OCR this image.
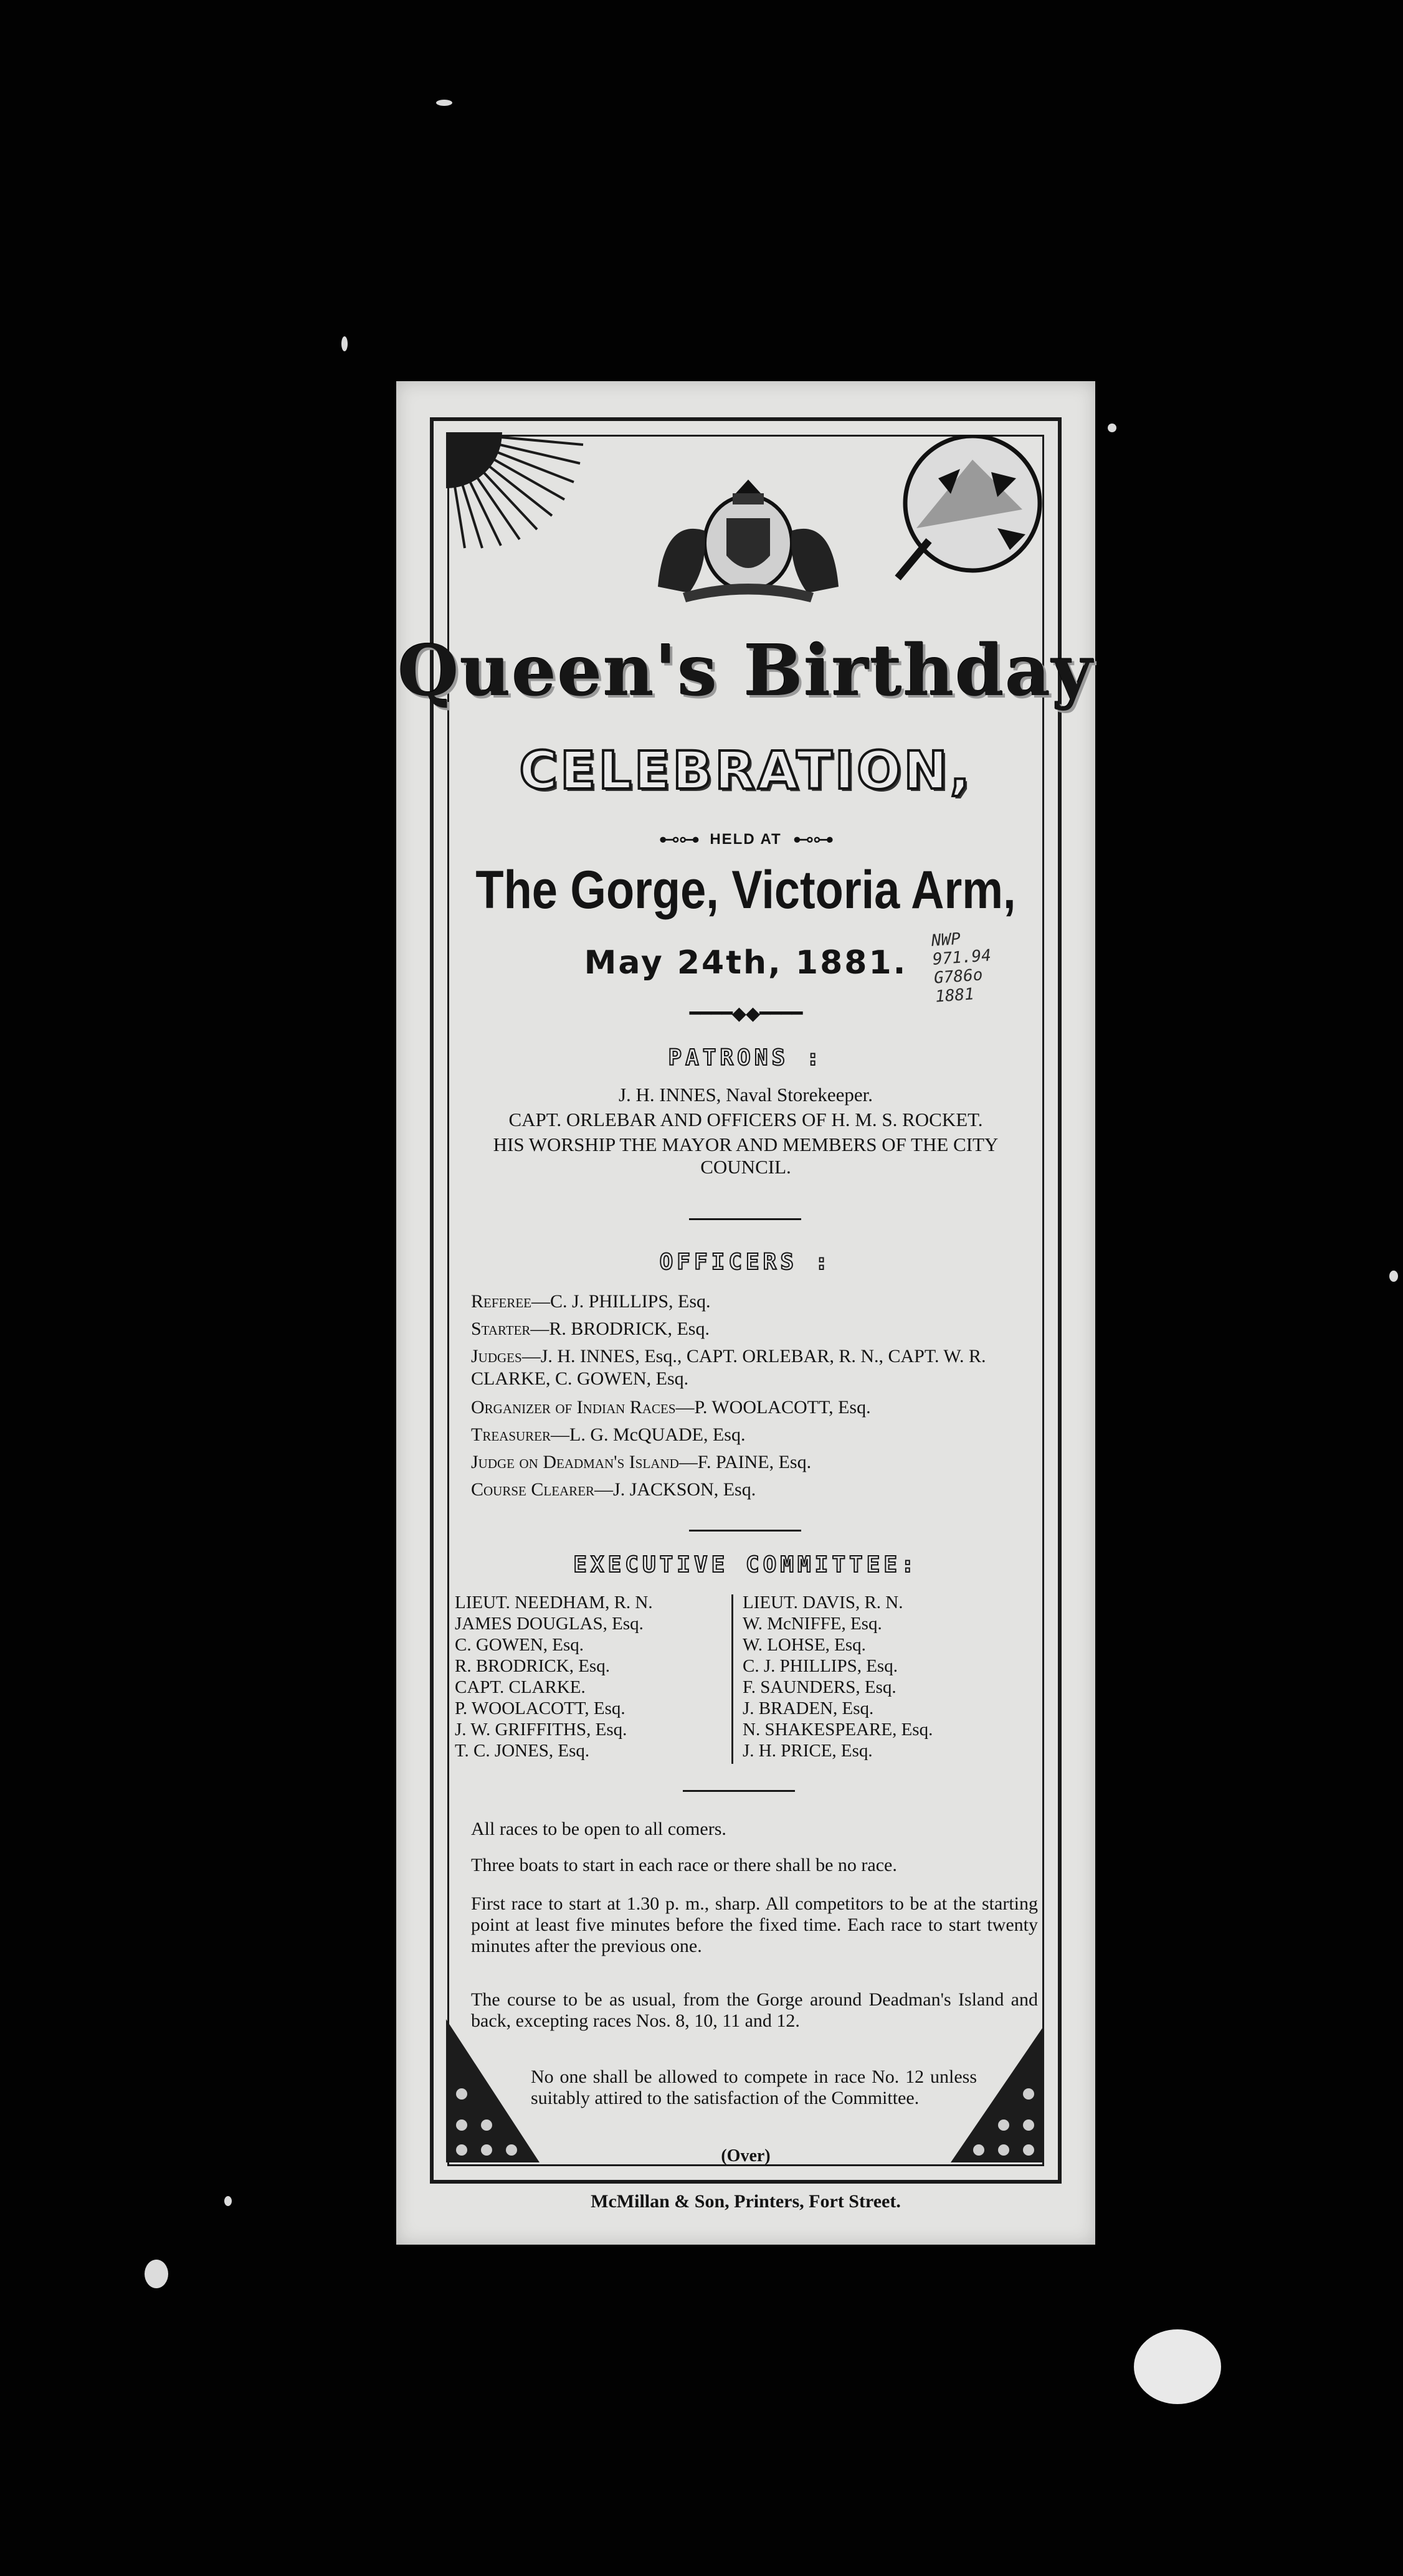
NWP
971.94
G786o
1881
Queen's Birthday
CELEBRATION,
⊷⊶ HELD AT ⊷⊶
The Gorge, Victoria Arm,
May 24th, 1881.
━━━━◆◆━━━━
PATRONS :
J. H. INNES, Naval Storekeeper.
CAPT. ORLEBAR AND OFFICERS OF H. M. S. ROCKET.
HIS WORSHIP THE MAYOR AND MEMBERS OF THE CITY COUNCIL.
OFFICERS :
Referee—C. J. PHILLIPS, Esq.
Starter—R. BRODRICK, Esq.
Judges—J. H. INNES, Esq., CAPT. ORLEBAR, R. N., CAPT. W. R. CLARKE, C. GOWEN, Esq.
Organizer of Indian Races—P. WOOLACOTT, Esq.
Treasurer—L. G. McQUADE, Esq.
Judge on Deadman's Island—F. PAINE, Esq.
Course Clearer—J. JACKSON, Esq.
EXECUTIVE COMMITTEE:
LIEUT. NEEDHAM, R. N.
JAMES DOUGLAS, Esq.
C. GOWEN, Esq.
R. BRODRICK, Esq.
CAPT. CLARKE.
P. WOOLACOTT, Esq.
J. W. GRIFFITHS, Esq.
T. C. JONES, Esq.
LIEUT. DAVIS, R. N.
W. McNIFFE, Esq.
W. LOHSE, Esq.
C. J. PHILLIPS, Esq.
F. SAUNDERS, Esq.
J. BRADEN, Esq.
N. SHAKESPEARE, Esq.
J. H. PRICE, Esq.
All races to be open to all comers.
Three boats to start in each race or there shall be no race.
First race to start at 1.30 p. m., sharp. All competitors to be at the starting point at least five minutes before the fixed time. Each race to start twenty minutes after the previous one.
The course to be as usual, from the Gorge around Deadman's Island and back, excepting races Nos. 8, 10, 11 and 12.
No one shall be allowed to compete in race No. 12 unless suitably attired to the satisfaction of the Committee.
(Over)
McMillan & Son, Printers, Fort Street.
